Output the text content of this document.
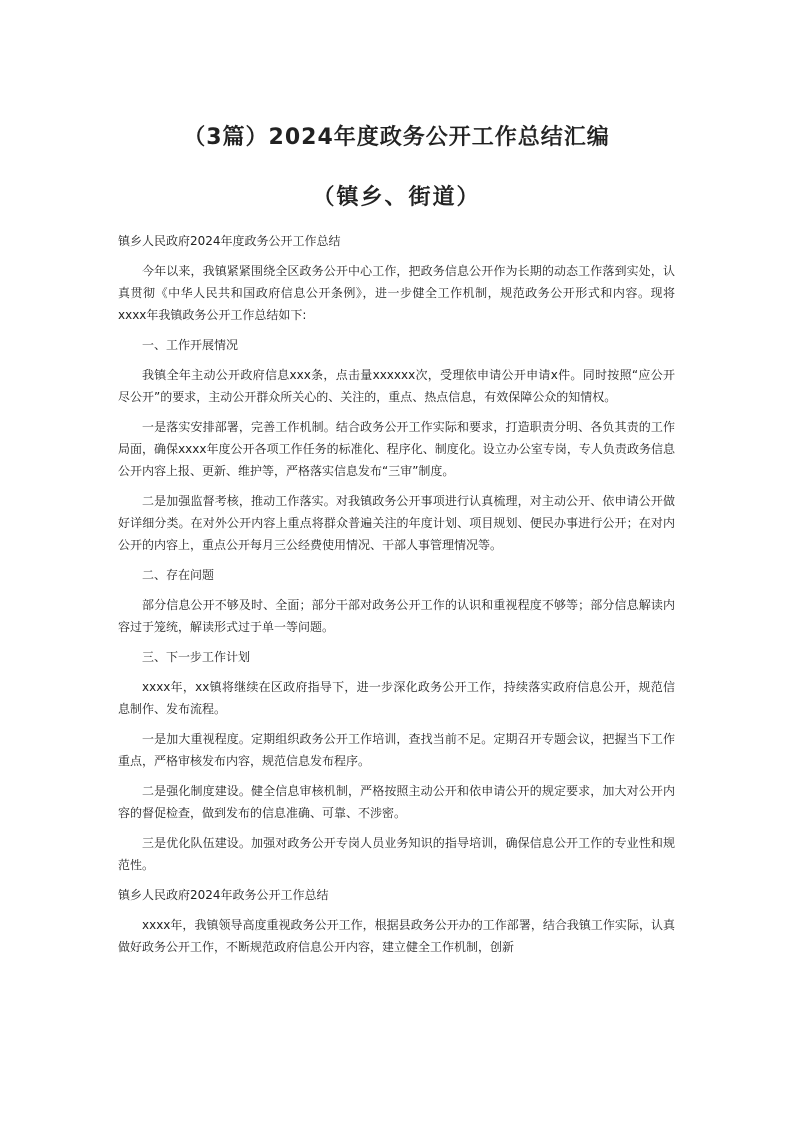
（3篇）2024年度政务公开工作总结汇编
（镇乡、街道）

镇乡人民政府2024年度政务公开工作总结

今年以来，我镇紧紧围绕全区政务公开中心工作，把政务信息公开作为长期的动态工作落到实处，认真贯彻《中华人民共和国政府信息公开条例》，进一步健全工作机制，规范政务公开形式和内容。现将xxxx年我镇政务公开工作总结如下:

一、工作开展情况

我镇全年主动公开政府信息xxx条，点击量xxxxxx次，受理依申请公开申请x件。同时按照“应公开尽公开”的要求，主动公开群众所关心的、关注的，重点、热点信息，有效保障公众的知情权。

一是落实安排部署，完善工作机制。结合政务公开工作实际和要求，打造职责分明、各负其责的工作局面，确保xxxx年度公开各项工作任务的标准化、程序化、制度化。设立办公室专岗，专人负责政务信息公开内容上报、更新、维护等，严格落实信息发布“三审”制度。

二是加强监督考核，推动工作落实。对我镇政务公开事项进行认真梳理，对主动公开、依申请公开做好详细分类。在对外公开内容上重点将群众普遍关注的年度计划、项目规划、便民办事进行公开；在对内公开的内容上，重点公开每月三公经费使用情况、干部人事管理情况等。

二、存在问题

部分信息公开不够及时、全面；部分干部对政务公开工作的认识和重视程度不够等；部分信息解读内容过于笼统，解读形式过于单一等问题。

三、下一步工作计划

xxxx年，xx镇将继续在区政府指导下，进一步深化政务公开工作，持续落实政府信息公开，规范信息制作、发布流程。

一是加大重视程度。定期组织政务公开工作培训，查找当前不足。定期召开专题会议，把握当下工作重点，严格审核发布内容，规范信息发布程序。

二是强化制度建设。健全信息审核机制，严格按照主动公开和依申请公开的规定要求，加大对公开内容的督促检查，做到发布的信息准确、可靠、不涉密。

三是优化队伍建设。加强对政务公开专岗人员业务知识的指导培训，确保信息公开工作的专业性和规范性。

镇乡人民政府2024年政务公开工作总结

xxxx年，我镇领导高度重视政务公开工作，根据县政务公开办的工作部署，结合我镇工作实际，认真做好政务公开工作，不断规范政府信息公开内容，建立健全工作机制，创新
